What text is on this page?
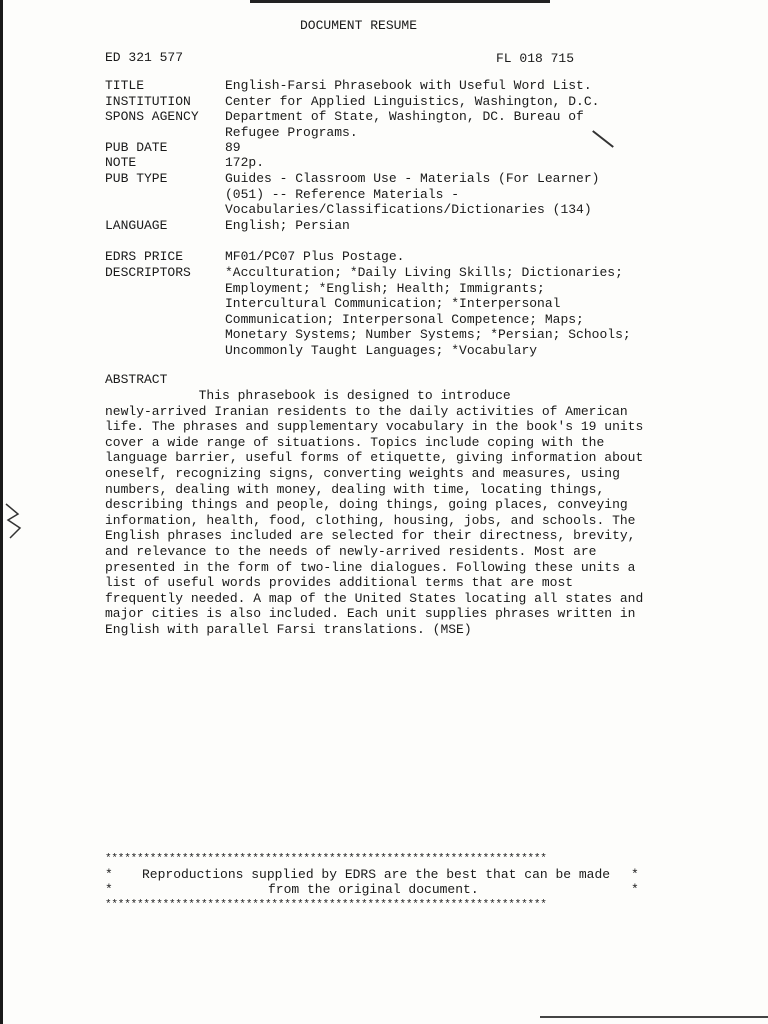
DOCUMENT RESUME
ED 321 577	FL 018 715
TITLE	English-Farsi Phrasebook with Useful Word List.
INSTITUTION	Center for Applied Linguistics, Washington, D.C.
SPONS AGENCY Department of State, Washington, DC. Bureau of
Refugee Programs.
PUB DATE	89
NOTE	172p.
PUB TYPE	Guides - Classroom Use - Materials (For Learner)
(051) -- Reference Materials -
Vocabularies/Classifications/Dictionaries (134)
LANGUAGE	English; Persian
EDRS PRICE	MF01/PC07 Plus Postage.
DESCRIPTORS	*Acculturation; *Daily Living Skills; Dictionaries;
Employment; *English; Health; Immigrants;
Intercultural Communication; *Interpersonal
Communication; Interpersonal Competence; Maps;
Monetary Systems; Number Systems; *Persian; Schools;
Uncommonly Taught Languages; *Vocabulary
ABSTRACT
This phrasebook is designed to introduce
newly-arrived Iranian residents to the daily activities of American
life. The phrases and supplementary vocabulary in the book's 19 units
cover a wide range of situations. Topics include coping with the
language barrier, useful forms of etiquette, giving information about
oneself, recognizing signs, converting weights and measures, using
numbers, dealing with money, dealing with time, locating things,
describing things and people, doing things, going places, conveying
information, health, food, clothing, housing, jobs, and schools. The
English phrases included are selected for their directness, brevity,
and relevance to the needs of newly-arrived residents. Most are
presented in the form of two-line dialogues. Following these units a
list of useful words provides additional terms that are most
frequently needed. A map of the United States locating all states and
major cities is also included. Each unit supplies phrases written in
English with parallel Farsi translations. (MSE)
*********************************************************************
* Reproductions supplied by EDRS are the best that can be made *
*	from the original document.	*
*********************************************************************
